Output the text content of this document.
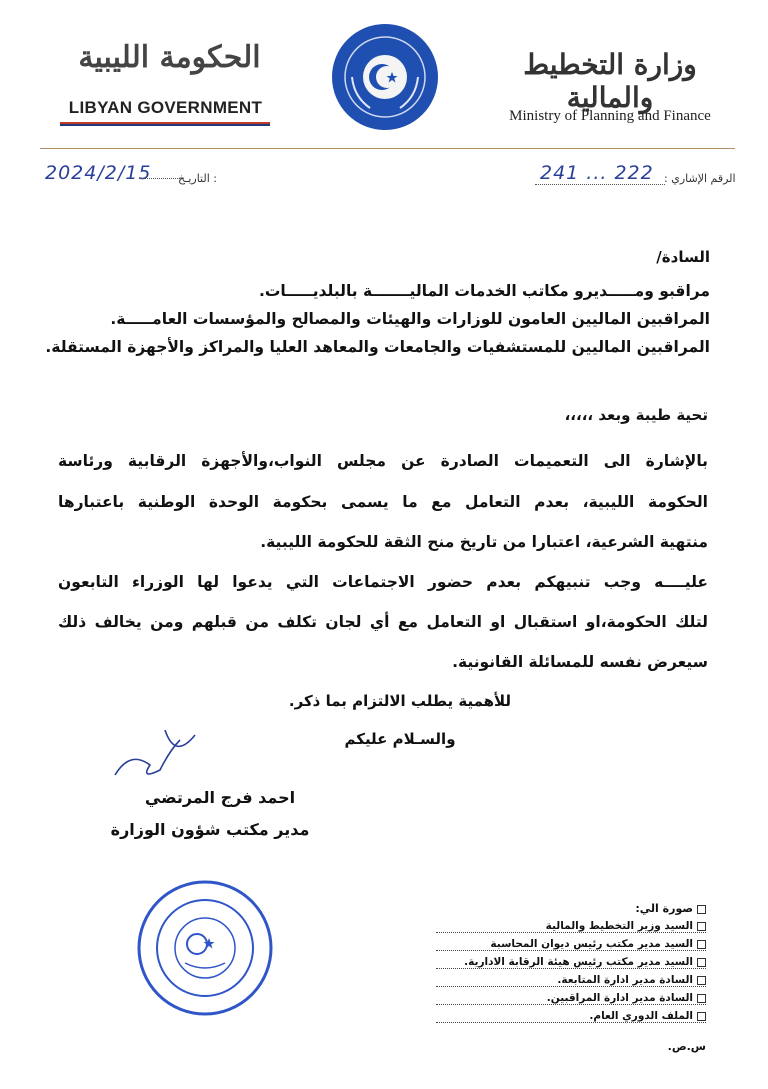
الحكومة الليبية
LIBYAN GOVERNMENT
وزارة التخطيط والمالية
Ministry of Planning and Finance
2024/2/15 : التاريـخ	241 ... 222 الرقم الإشاري :
السادة/
مراقبو ومـــــديرو مكاتب الخدمات الماليـــــــة بالبلديـــــات.
المراقبين الماليين العامون للوزارات والهيئات والمصالح والمؤسسات العامـــــة.
المراقبين الماليين للمستشفيات والجامعات والمعاهد العليا والمراكز والأجهزة المستقلة.
تحية طيبة وبعد ،،،،،
بالإشارة الى التعميمات الصادرة عن مجلس النواب،والأجهزة الرقابية ورئاسة
الحكومة الليبية، بعدم التعامل مع ما يسمى بحكومة الوحدة الوطنية باعتبارها
منتهية الشرعية، اعتبارا من تاريخ منح الثقة للحكومة الليبية.
عليــــه وجب تنبيهكم بعدم حضور الاجتماعات التي يدعوا لها الوزراء التابعون
لتلك الحكومة،او استقبال او التعامل مع أي لجان تكلف من قبلهم ومن يخالف ذلك
سيعرض نفسه للمسائلة القانونية.
للأهمية يطلب الالتزام بما ذكر.
والسـلام عليكم
احمد فرج المرتضي
مدير مكتب شؤون الوزارة
صورة الي:
السيد وزير التخطيط والمالية
السيد مدير مكتب رئيس ديوان المحاسبة
السيد مدير مكتب رئيس هيئة الرقابة الادارية.
السادة مدير ادارة المتابعة.
السادة مدير ادارة المراقبين.
الملف الدوري العام.
س.ص.
